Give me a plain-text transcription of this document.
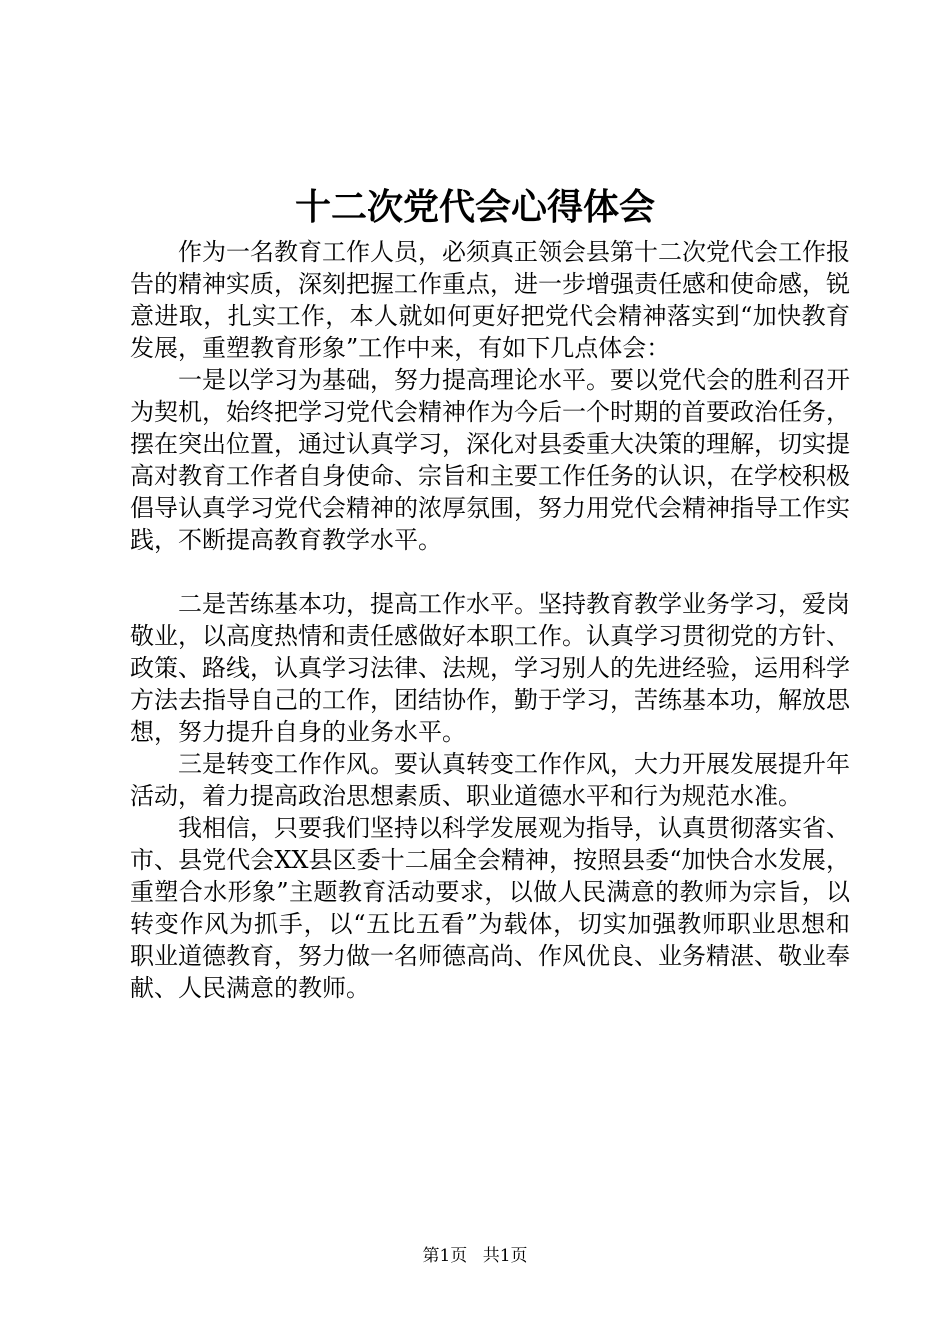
十二次党代会心得体会

作为一名教育工作人员，必须真正领会县第十二次党代会工作报告的精神实质，深刻把握工作重点，进一步增强责任感和使命感，锐意进取，扎实工作，本人就如何更好把党代会精神落实到“加快教育发展，重塑教育形象”工作中来，有如下几点体会：

一是以学习为基础，努力提高理论水平。要以党代会的胜利召开为契机，始终把学习党代会精神作为今后一个时期的首要政治任务，摆在突出位置，通过认真学习，深化对县委重大决策的理解，切实提高对教育工作者自身使命、宗旨和主要工作任务的认识，在学校积极倡导认真学习党代会精神的浓厚氛围，努力用党代会精神指导工作实践，不断提高教育教学水平。

二是苦练基本功，提高工作水平。坚持教育教学业务学习，爱岗敬业，以高度热情和责任感做好本职工作。认真学习贯彻党的方针、政策、路线，认真学习法律、法规，学习别人的先进经验，运用科学方法去指导自己的工作，团结协作，勤于学习，苦练基本功，解放思想，努力提升自身的业务水平。

三是转变工作作风。要认真转变工作作风，大力开展发展提升年活动，着力提高政治思想素质、职业道德水平和行为规范水准。

我相信，只要我们坚持以科学发展观为指导，认真贯彻落实省、市、县党代会XX县区委十二届全会精神，按照县委“加快合水发展，重塑合水形象”主题教育活动要求，以做人民满意的教师为宗旨，以转变作风为抓手，以“五比五看”为载体，切实加强教师职业思想和职业道德教育，努力做一名师德高尚、作风优良、业务精湛、敬业奉献、人民满意的教师。

第1页 共1页
